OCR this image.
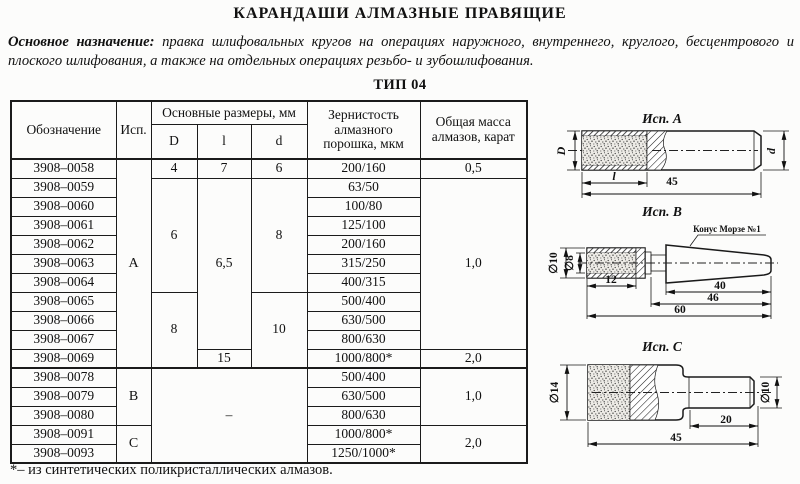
КАРАНДАШИ АЛМАЗНЫЕ ПРАВЯЩИЕ

Основное назначение: правка шлифовальных кругов на операциях наружного, внутреннего, круглого, бесцентрового и плоского шлифования, а также на отдельных операциях резьбо- и зубошлифования.

ТИП 04
Обозначение	Исп.	Основные размеры, мм			Зернистость алмазного порошка, мкм	Общая масса алмазов, карат
		D	l	d		
3908–0058	А	4	7	6	200/160	0,5
3908–0059		6	6,5	8	63/50	1,0
3908–0060					100/80	
3908–0061					125/100	
3908–0062					200/160	
3908–0063					315/250	
3908–0064					400/315	
3908–0065		8		10	500/400	
3908–0066					630/500	
3908–0067					800/630	
3908–0069			15		1000/800*	2,0
3908–0078	В	–			500/400	1,0
3908–0079					630/500	
3908–0080					800/630	
3908–0091	С				1000/800*	2,0
3908–0093					1250/1000*	
*– из синтетических поликристаллических алмазов.
Исп. А
D	d
l	45
Исп. В
Конус Морзе №1
∅10 ∅8
12	40
46
60
Исп. С
∅14	∅10
20
45
